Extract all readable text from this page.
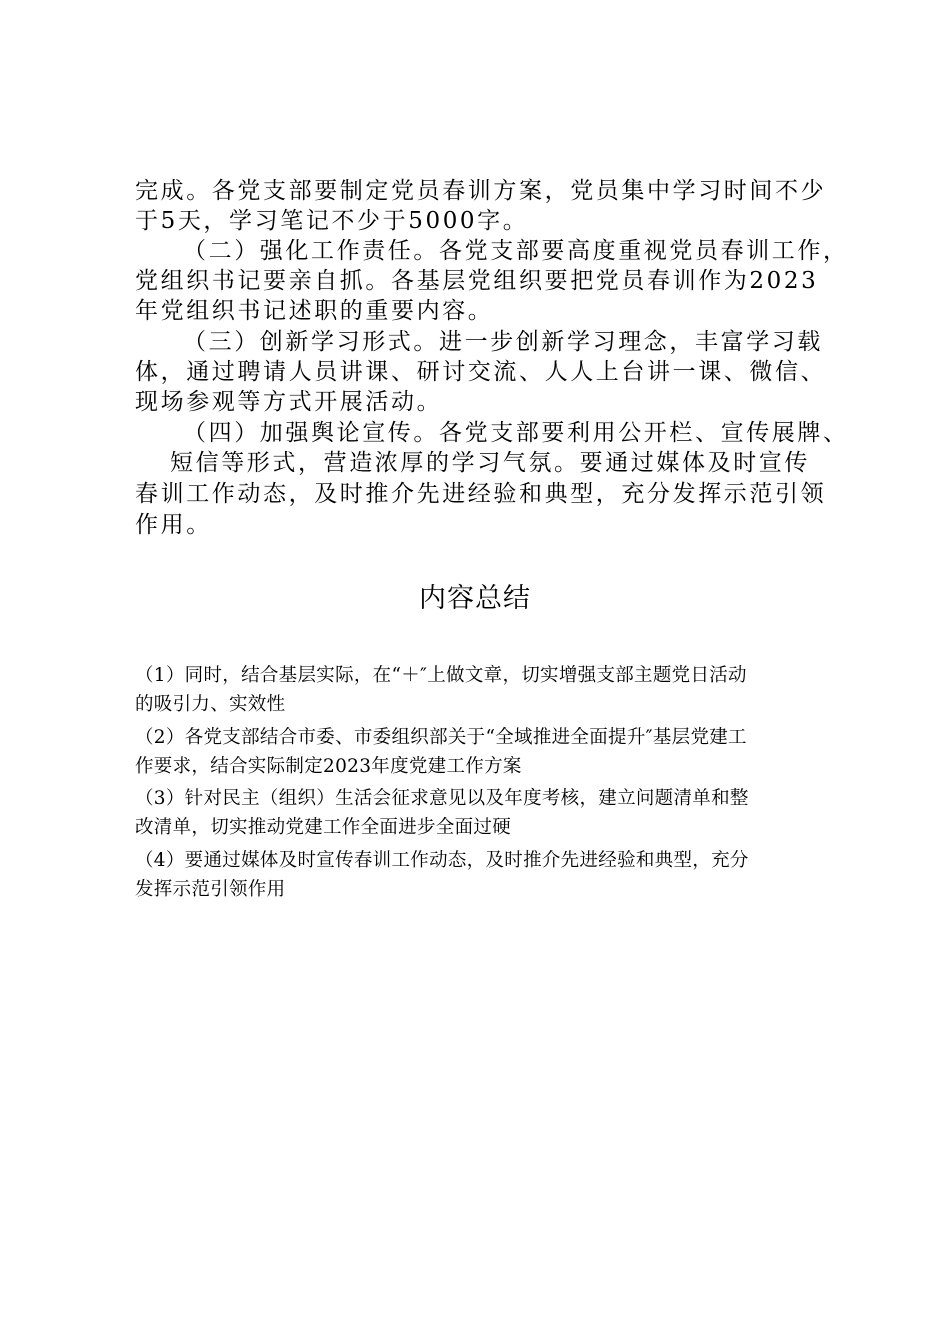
完成。各党支部要制定党员春训方案，党员集中学习时间不少
于5天，学习笔记不少于5000字。
（二）强化工作责任。各党支部要高度重视党员春训工作，
党组织书记要亲自抓。各基层党组织要把党员春训作为2023
年党组织书记述职的重要内容。
（三）创新学习形式。进一步创新学习理念，丰富学习载
体，通过聘请人员讲课、研讨交流、人人上台讲一课、微信、
现场参观等方式开展活动。
（四）加强舆论宣传。各党支部要利用公开栏、宣传展牌、
短信等形式，营造浓厚的学习气氛。要通过媒体及时宣传
春训工作动态，及时推介先进经验和典型，充分发挥示范引领
作用。
内容总结
（1）同时，结合基层实际，在“＋″上做文章，切实增强支部主题党日活动
的吸引力、实效性
（2）各党支部结合市委、市委组织部关于“全域推进全面提升″基层党建工
作要求，结合实际制定2023年度党建工作方案
（3）针对民主（组织）生活会征求意见以及年度考核，建立问题清单和整
改清单，切实推动党建工作全面进步全面过硬
（4）要通过媒体及时宣传春训工作动态，及时推介先进经验和典型，充分
发挥示范引领作用
